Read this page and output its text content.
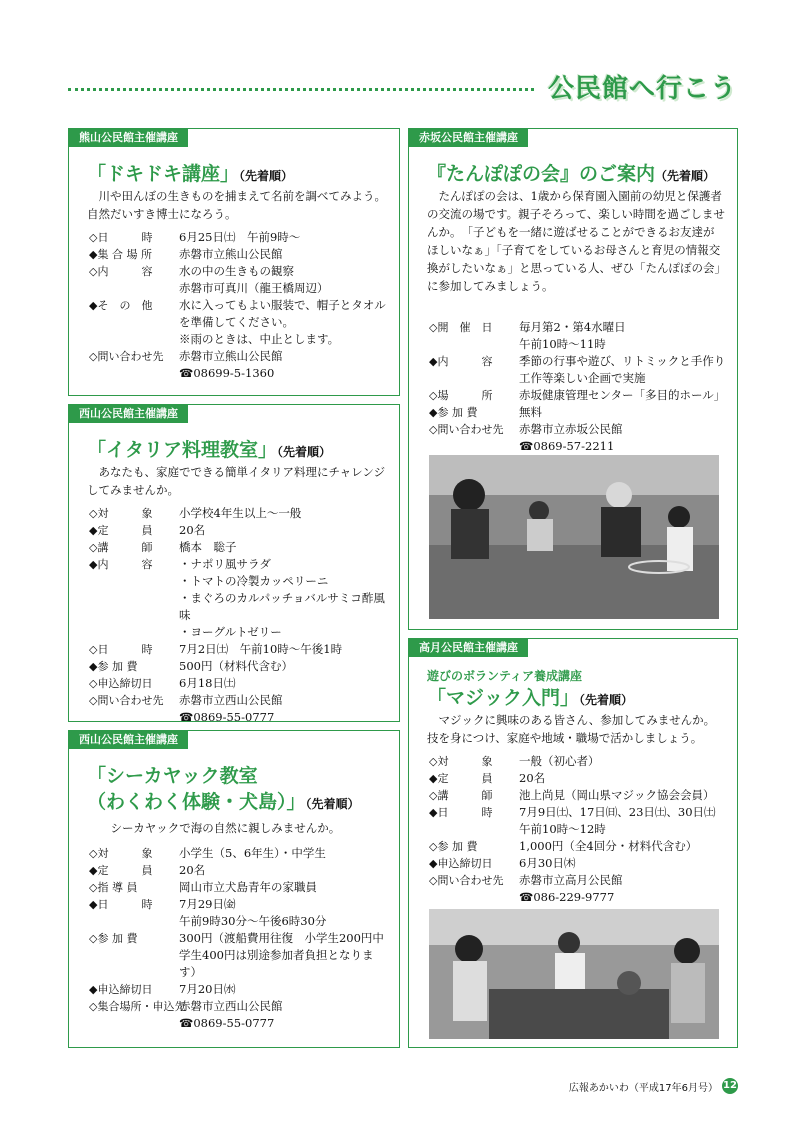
公民館へ行こう
熊山公民館主催講座
「ドキドキ講座」（先着順）
　川や田んぼの生きものを捕まえて名前を調べてみよう。自然だいすき博士になろう。
◇日　　　時	6月25日㈯　午前9時～
◆集 合 場 所	赤磐市立熊山公民館
◇内　　　容	水の中の生きもの観察
赤磐市可真川（龍王橋周辺）
◆そ　の　他	水に入ってもよい服装で、帽子とタオルを準備してください。
※雨のときは、中止とします。
◇問い合わせ先	赤磐市立熊山公民館
☎08699-5-1360
西山公民館主催講座
「イタリア料理教室」（先着順）
　あなたも、家庭でできる簡単イタリア料理にチャレンジしてみませんか。
◇対　　　象	小学校4年生以上～一般
◆定　　　員	20名
◇講　　　師	橋本　聡子
◆内　　　容	・ナポリ風サラダ
・トマトの冷製カッペリーニ
・まぐろのカルパッチョバルサミコ酢風味
・ヨーグルトゼリー
◇日　　　時	7月2日㈯　午前10時～午後1時
◆参 加 費	500円（材料代含む）
◇申込締切日	6月18日㈯
◇問い合わせ先	赤磐市立西山公民館
☎0869-55-0777
西山公民館主催講座
「シーカヤック教室
（わくわく体験・犬島）」（先着順）
　シーカヤックで海の自然に親しみませんか。
◇対　　　象	小学生（5、6年生）・中学生
◆定　　　員	20名
◇指 導 員	岡山市立犬島青年の家職員
◆日　　　時	7月29日㈮
午前9時30分～午後6時30分
◇参 加 費	300円（渡船費用往復　小学生200円中学生400円は別途参加者負担となります）
◆申込締切日	7月20日㈬
◇集合場所・申込先
赤磐市立西山公民館
☎0869-55-0777
赤坂公民館主催講座
『たんぽぽの会』のご案内（先着順）
　たんぽぽの会は、1歳から保育園入園前の幼児と保護者の交流の場です。親子そろって、楽しい時間を過ごしませんか。　「子どもを一緒に遊ばせることができるお友達がほしいなぁ」「子育てをしているお母さんと育児の情報交換がしたいなぁ」と思っている人、ぜひ「たんぽぽの会」に参加してみましょう。
◇開　催　日	毎月第2・第4水曜日
午前10時～11時
◆内　　　容	季節の行事や遊び、リトミックと手作り工作等楽しい企画で実施
◇場　　　所	赤坂健康管理センター「多目的ホール」
◆参 加 費	無料
◇問い合わせ先	赤磐市立赤坂公民館
☎0869-57-2211
高月公民館主催講座
遊びのボランティア養成講座
「マジック入門」（先着順）
　マジックに興味のある皆さん、参加してみませんか。技を身につけ、家庭や地域・職場で活かしましょう。
◇対　　　象	一般（初心者）
◆定　　　員	20名
◇講　　　師	池上尚見（岡山県マジック協会会員）
◆日　　　時	7月9日㈯、17日㈰、23日㈯、30日㈯
午前10時～12時
◇参 加 費	1,000円（全4回分・材料代含む）
◆申込締切日	6月30日㈭
◇問い合わせ先	赤磐市立高月公民館
☎086-229-9777
広報あかいわ（平成17年6月号） 12
